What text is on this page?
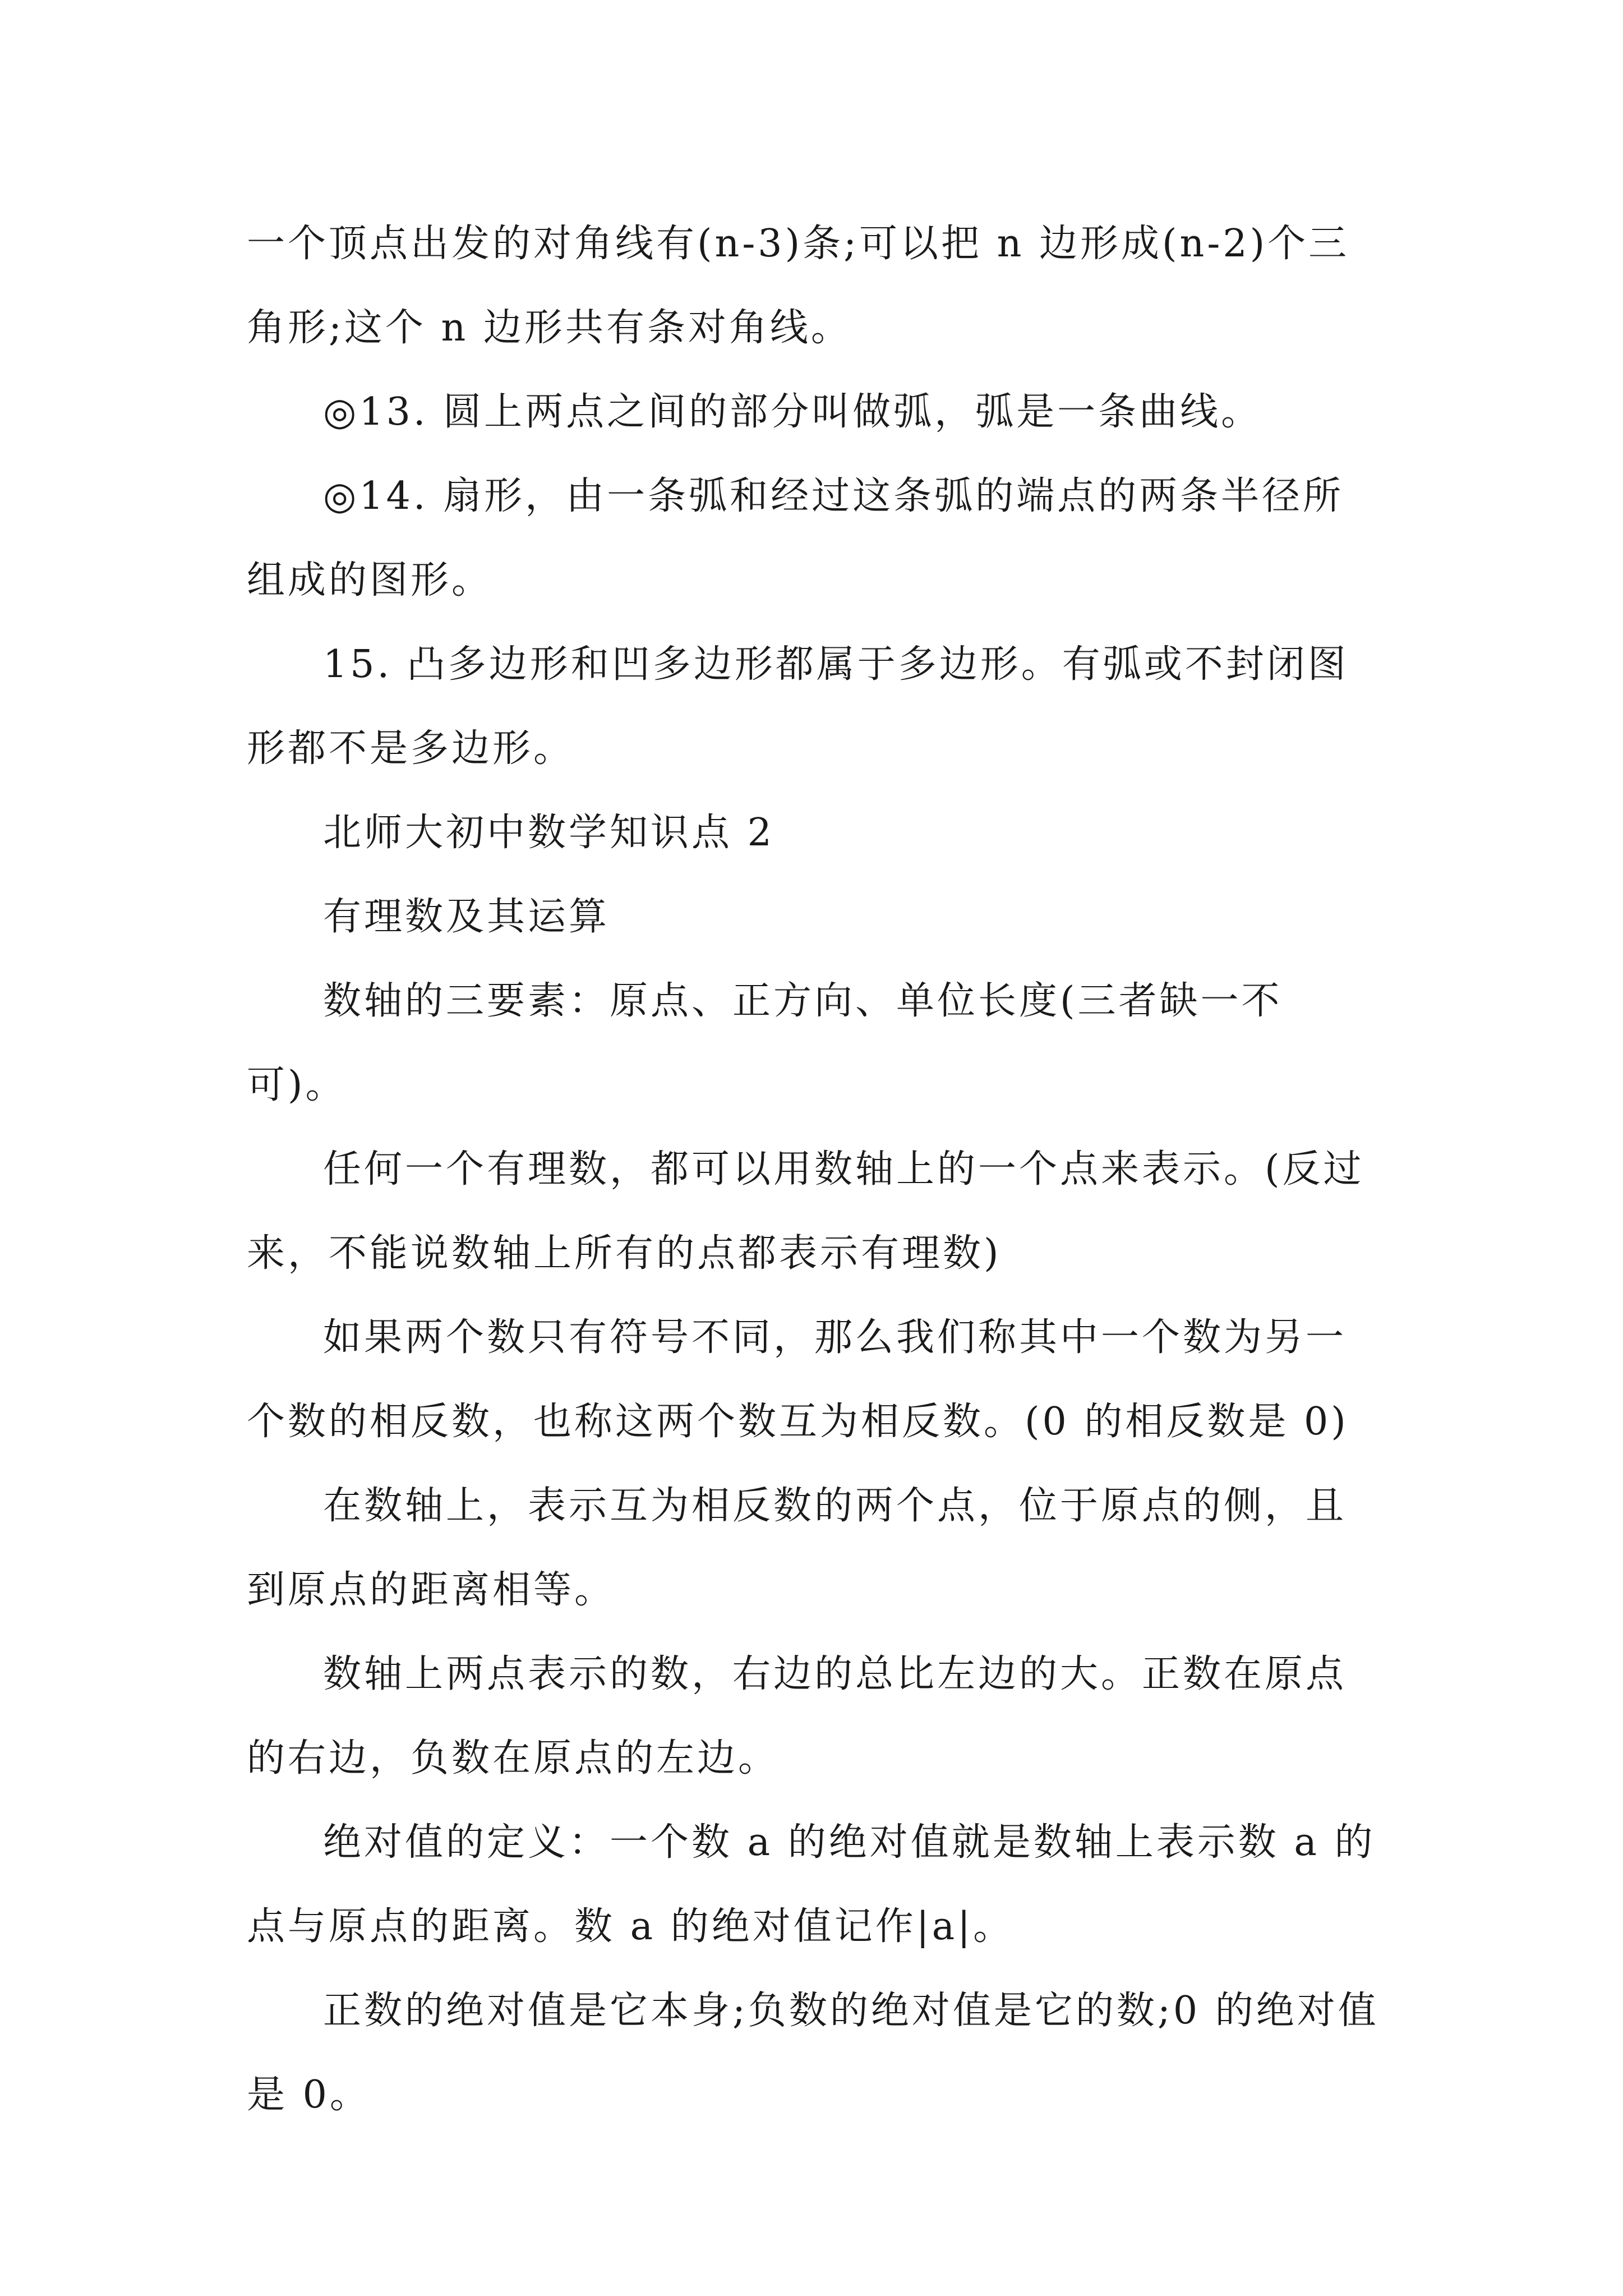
一个顶点出发的对角线有(n-3)条;可以把 n 边形成(n-2)个三角形;这个 n 边形共有条对角线。

◎13. 圆上两点之间的部分叫做弧，弧是一条曲线。

◎14. 扇形，由一条弧和经过这条弧的端点的两条半径所组成的图形。

15. 凸多边形和凹多边形都属于多边形。有弧或不封闭图形都不是多边形。

北师大初中数学知识点 2

有理数及其运算

数轴的三要素：原点、正方向、单位长度(三者缺一不可)。

任何一个有理数，都可以用数轴上的一个点来表示。(反过来，不能说数轴上所有的点都表示有理数)

如果两个数只有符号不同，那么我们称其中一个数为另一个数的相反数，也称这两个数互为相反数。(0 的相反数是 0)

在数轴上，表示互为相反数的两个点，位于原点的侧，且到原点的距离相等。

数轴上两点表示的数，右边的总比左边的大。正数在原点的右边，负数在原点的左边。

绝对值的定义：一个数 a 的绝对值就是数轴上表示数 a 的点与原点的距离。数 a 的绝对值记作|a|。

正数的绝对值是它本身;负数的绝对值是它的数;0 的绝对值是 0。
